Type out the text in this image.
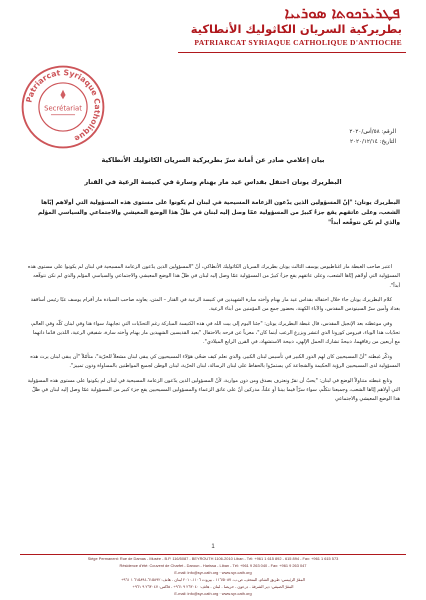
ܦܛܪܝܪܟܘܬܐ ܣܘܪܝܝܐ
بطريركية السريان الكاثوليك الأنطاكية
PATRIARCAT SYRIAQUE CATHOLIQUE D'ANTIOCHE
Patriarcat Syriaque Catholique
Secrétariat
الرقم: ٥٨/أس/٢٠٢٠
التاريخ: ٢٠٢٠/١٢/١٤
بيان إعلامي صادر عن أمانة سرّ بطريركية السريان الكاثوليك الأنطاكية
البطريرك يونان احتفل بقداس عيد مار بهنام وسارة في كنيسة الرعية في القنار

البطريرك يونان: "إنّ المسؤولين الذين يدّعون الزعامة المسيحية في لبنان لم يكونوا على مستوى هذه المسؤولية التي أولاهم إيّاها الشعب، وعلى عاتقهم يقع جزءٌ كبيرٌ من المسؤولية عمّا وصل إليه لبنان في ظلّ هذا الوضع المعيشي والاجتماعي والسياسي المؤلم والذي لم نكن نتوقّعه أبداً"

اعتبر صاحب الغبطة مار اغناطيوس يوسف الثالث يونان بطريرك السريان الكاثوليك الأنطاكي، أنّ "المسؤولين الذين يدّعون الزعامة المسيحية في لبنان لم يكونوا على مستوى هذه المسؤولية التي أولاهم إيّاها الشعب، وعلى عاتقهم يقع جزءٌ كبيرٌ من المسؤولية عمّا وصل إليه لبنان في ظلّ هذا الوضع المعيشي والاجتماعي والسياسي المؤلم والذي لم نكن نتوقّعه أبداً".

كلام البطريرك يونان جاء خلال احتفاله بقداس عيد مار بهنام وأخته سارة الشهيدين في كنيسة الرعية في القنار – المتن، يعاونه صاحب السيادة مار أفرام يوسف عبّا رئيس أساقفة بغداد وأمين سرّ السينودس المقدس، والآباء الكهنة، بحضور جمع من المؤمنين من أبناء الرعية.

وفي موعظته بعد الإنجيل المقدس، قال غبطة البطريرك يونان: "جئنا اليوم إلى بيت الله في هذه الكنيسة المباركة رغم التحدّيات التي تجابهنا، سواء هنا وفي لبنان كلّه وفي العالم، تحدّيات هذا الوباء، فيروس كورونا الذي انتشر ويزرع الرعب أينما كان"، معرباً عن فرحه بالاحتفال "بعيد القديسين الشهيدين مار بهنام وأخته سارة، شفيعَي الرعية، اللذين قدّما ذاتهما مع أربعين من رفاقهما، ذبيحةً تشارك الحمل الإلهي، ذبيحة الاستشهاد، في القرن الرابع الميلادي".

وذكّر غبطته "أنّ المسيحيين كان لهم الدور الكبير في تأسيس لبنان الكبير، والذي نعلم كيف ضحّى هؤلاء المسيحيون كي يبقى لبنان مشعلاً للحرّية"، متأمّلاً "أن يبقى لبنان يرث هذه المسؤولية لدى المسيحيين الرؤية الحكيمة والشجاعة كي يستمرّوا بالحفاظ على لبنان الرسالة، لبنان الحرّية، لبنان الوطن لجميع المواطنين بالمساواة ودون تمييز".

وتابع غبطته متناولاً الوضع في لبنان: "يحبّ أن نقرّ ونعترف بصدق ومن دون مواربة، لأنّ المسؤولين الذين يدّعون الزعامة المسيحية في لبنان لم يكونوا على مستوى هذه المسؤولية التي أولاهم إيّاها الشعب، وجميعنا نتكلّم، سواء سرّاً فيما بيننا أو علناً، مدركين أنّ على عاتق الزعماء والمسؤولين المسيحيين يقع جزء كبير من المسؤولية عمّا وصل إليه لبنان في ظلّ هذا الوضع المعيشي والاجتماعي

1
Siège Permanent: Rue de Damas - Musée - B.P. 116/5087 - BEYROUTH 1106-2010 Liban - Tél: +961 1 615 892 - 615 894 - Fax: +961 1 615 573
Résidence d'été: Couvent de Charfet - Daroun - Harissa - Liban - Tél: +961 9 263 040 - Fax: +961 9 263 047
E-mail: info@syr-cath.org · www.syr-cath.org
المقرّ الرئيسي: طريق الشام، المتحف، ص.ب. ١١٦/٥٠٨٧ - بيروت ١١٠٦-٢٠١٠ لبنان - هاتف: ٦١٥٨٩٢-٦١٥٨٩٤ ١ ٩٦١+
المقرّ الصيفي: دير الشرفة - درعون - حريصا - لبنان - هاتف: ٢٦٣٠٤٠ ٩ ٩٦١+ - فاكس: ٢٦٣٠٤٧ ٩ ٩٦١+
E-mail: info@syr-cath.org · www.syr-cath.org
